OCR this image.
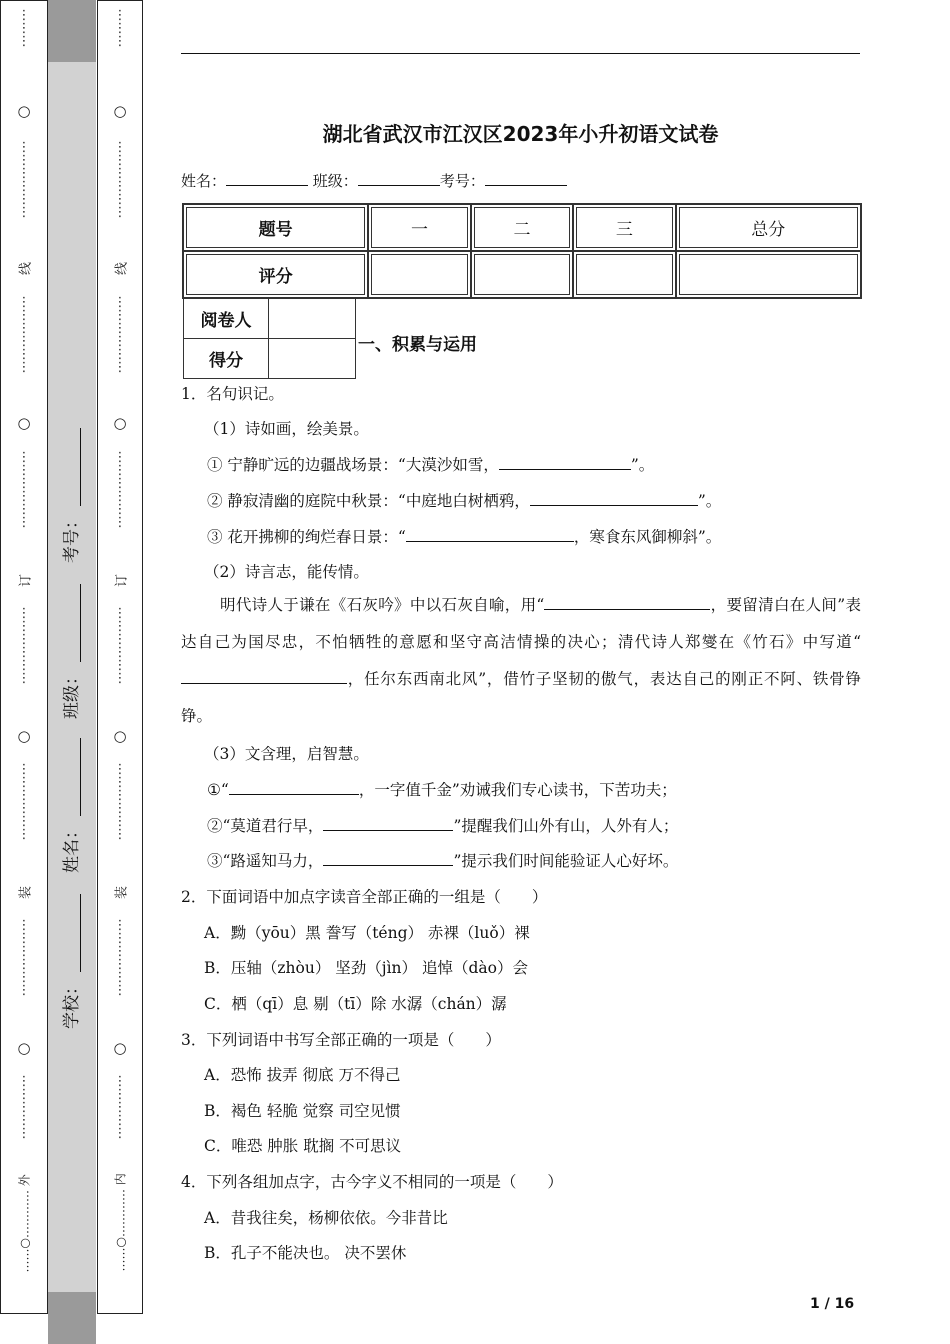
⋮
⋮
⋮
○
⋮
⋮
⋮
⋮
⋮
⋮
线
⋮
⋮
⋮
⋮
⋮
⋮
○
⋮
⋮
⋮
⋮
⋮
⋮
订
⋮
⋮
⋮
⋮
⋮
⋮
○
⋮
⋮
⋮
⋮
⋮
⋮
装
⋮
⋮
⋮
⋮
⋮
⋮
○
⋮
⋮
⋮
⋮
⋮
……○………… 外
学校：
姓名：
班级：
考号：
⋮
⋮
⋮
○
⋮
⋮
⋮
⋮
⋮
⋮
线
⋮
⋮
⋮
⋮
⋮
⋮
○
⋮
⋮
⋮
⋮
⋮
⋮
订
⋮
⋮
⋮
⋮
⋮
⋮
○
⋮
⋮
⋮
⋮
⋮
⋮
装
⋮
⋮
⋮
⋮
⋮
⋮
○
⋮
⋮
⋮
⋮
⋮
……○………… 内
湖北省武汉市江汉区2023年小升初语文试卷
姓名：	班级：	考号：
题号	一	二	三	总分
评分				
阅卷人	
得分	
一、积累与运用
1．名句识记。
（1）诗如画，绘美景。
① 宁静旷远的边疆战场景：“大漠沙如雪，	”。
② 静寂清幽的庭院中秋景：“中庭地白树栖鸦，	”。
③ 花开拂柳的绚烂春日景：“	，寒食东风御柳斜”。
（2）诗言志，能传情。
明代诗人于谦在《石灰吟》中以石灰自喻，用“	，要留清白在人间”表达自己为国尽忠，不怕牺牲的意愿和坚守高洁情操的决心；清代诗人郑燮在《竹石》中写道“，任尔东西南北风”，借竹子坚韧的傲气，表达自己的刚正不阿、铁骨铮铮。
（3）文含理，启智慧。
①“	，一字值千金”劝诫我们专心读书，下苦功夫；
②“莫道君行早，	”提醒我们山外有山，人外有人；
③“路遥知马力，	”提示我们时间能验证人心好坏。
2．下面词语中加点字读音全部正确的一组是（　　）
A．黝（yōu）黑 誊写（téng） 赤裸（luǒ）裸
B．压轴（zhòu） 坚劲（jìn） 追悼（dào）会
C．栖（qī）息 剔（tī）除 水潺（chán）潺
3．下列词语中书写全部正确的一项是（　　）
A．恐怖 拔弄 彻底 万不得己
B．褐色 轻脆 觉察 司空见惯
C．唯恐 肿胀 耽搁 不可思议
4．下列各组加点字，古今字义不相同的一项是（　　）
A．昔我往矣，杨柳依依。今非昔比
B．孔子不能决也。 决不罢休
1 / 16
